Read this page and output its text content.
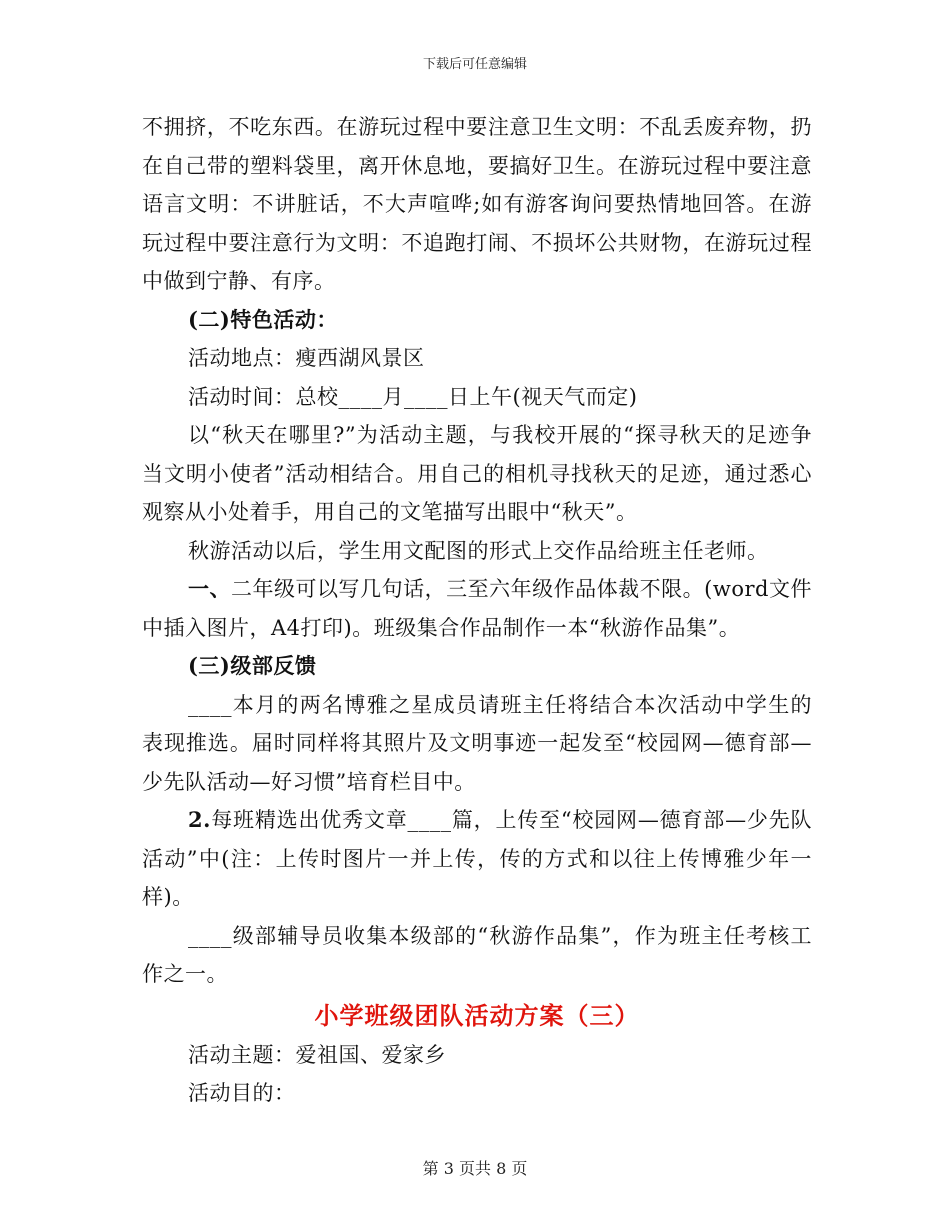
下载后可任意编辑

不拥挤，不吃东西。在游玩过程中要注意卫生文明：不乱丢废弃物，扔在自己带的塑料袋里，离开休息地，要搞好卫生。在游玩过程中要注意语言文明：不讲脏话，不大声喧哗;如有游客询问要热情地回答。在游玩过程中要注意行为文明：不追跑打闹、不损坏公共财物，在游玩过程中做到宁静、有序。

(二)特色活动：

活动地点：瘦西湖风景区

活动时间：总校____月____日上午(视天气而定)

以“秋天在哪里?”为活动主题，与我校开展的“探寻秋天的足迹争当文明小使者”活动相结合。用自己的相机寻找秋天的足迹，通过悉心观察从小处着手，用自己的文笔描写出眼中“秋天”。

秋游活动以后，学生用文配图的形式上交作品给班主任老师。

一、二年级可以写几句话，三至六年级作品体裁不限。(word文件中插入图片，A4打印)。班级集合作品制作一本“秋游作品集”。

(三)级部反馈

____本月的两名博雅之星成员请班主任将结合本次活动中学生的表现推选。届时同样将其照片及文明事迹一起发至“校园网—德育部—少先队活动—好习惯”培育栏目中。

2.每班精选出优秀文章____篇，上传至“校园网—德育部—少先队活动”中(注：上传时图片一并上传，传的方式和以往上传博雅少年一样)。

____级部辅导员收集本级部的“秋游作品集”，作为班主任考核工作之一。

小学班级团队活动方案（三）

活动主题：爱祖国、爱家乡

活动目的：

第 3 页共 8 页
